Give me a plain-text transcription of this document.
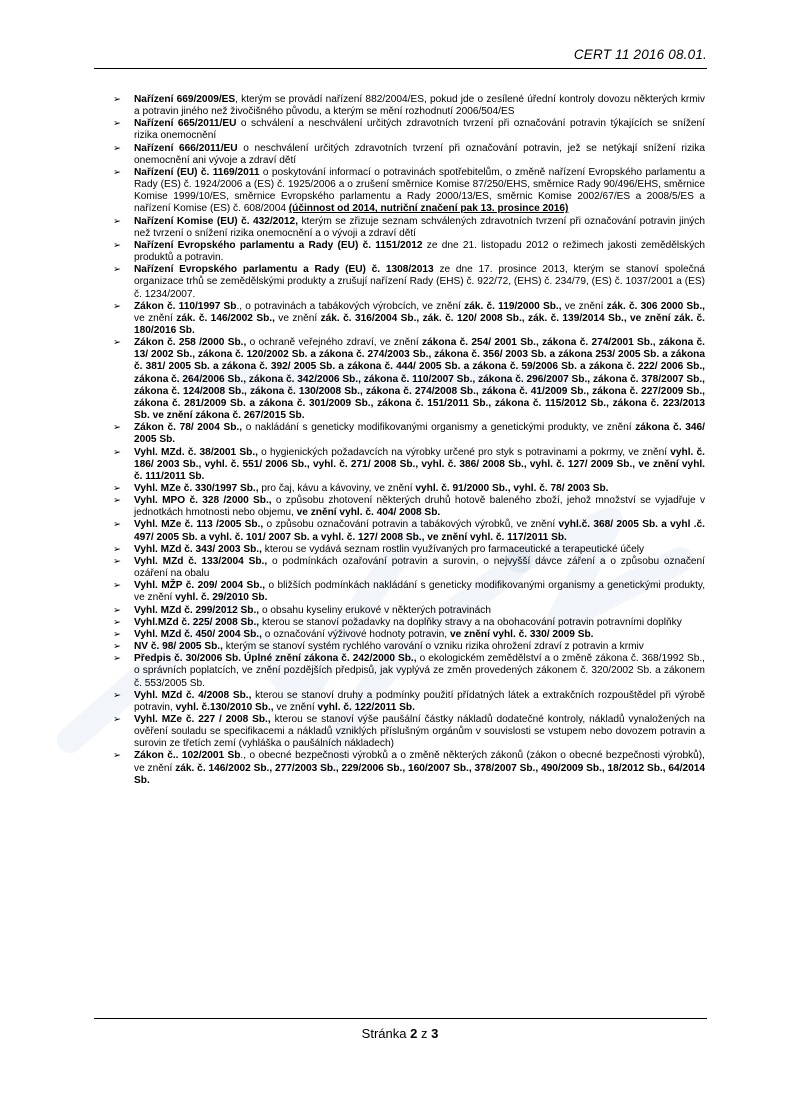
CERT 11 2016 08.01.
➢ Nařízení 669/2009/ES, kterým se provádí nařízení 882/2004/ES, pokud jde o zesílené úřední kontroly dovozu některých krmiv a potravin jiného než živočišného původu, a kterým se mění rozhodnutí 2006/504/ES
➢ Nařízení 665/2011/EU o schválení a neschválení určitých zdravotních tvrzení při označování potravin týkajících se snížení rizika onemocnění
➢ Nařízení 666/2011/EU o neschválení určitých zdravotních tvrzení při označování potravin, jež se netýkají snížení rizika onemocnění ani vývoje a zdraví dětí
➢ Nařízení (EU) č. 1169/2011 o poskytování informací o potravinách spotřebitelům, o změně nařízení Evropského parlamentu a Rady (ES) č. 1924/2006 a (ES) č. 1925/2006 a o zrušení směrnice Komise 87/250/EHS, směrnice Rady 90/496/EHS, směrnice Komise 1999/10/ES, směrnice Evropského parlamentu a Rady 2000/13/ES, směrnic Komise 2002/67/ES a 2008/5/ES a nařízení Komise (ES) č. 608/2004 (účinnost od 2014, nutriční značení pak 13. prosince 2016)
➢ Nařízení Komise (EU) č. 432/2012, kterým se zřizuje seznam schválených zdravotních tvrzení při označování potravin jiných než tvrzení o snížení rizika onemocnění a o vývoji a zdraví dětí
➢ Nařízení Evropského parlamentu a Rady (EU) č. 1151/2012 ze dne 21. listopadu 2012 o režimech jakosti zemědělských produktů a potravin.
➢ Nařízení Evropského parlamentu a Rady (EU) č. 1308/2013 ze dne 17. prosince 2013, kterým se stanoví společná organizace trhů se zemědělskými produkty a zrušují nařízení Rady (EHS) č. 922/72, (EHS) č. 234/79, (ES) č. 1037/2001 a (ES) č. 1234/2007.
➢ Zákon č. 110/1997 Sb., o potravinách a tabákových výrobcích, ve znění zák. č. 119/2000 Sb., ve znění zák. č. 306 2000 Sb., ve znění zák. č. 146/2002 Sb., ve znění zák. č. 316/2004 Sb., zák. č. 120/ 2008 Sb., zák. č. 139/2014 Sb., ve znění zák. č. 180/2016 Sb.
➢ Zákon č. 258 /2000 Sb., o ochraně veřejného zdraví, ve znění zákona č. 254/ 2001 Sb., zákona č. 274/2001 Sb., zákona č. 13/ 2002 Sb., zákona č. 120/2002 Sb. a zákona č. 274/2003 Sb., zákona č. 356/ 2003 Sb. a zákona 253/ 2005 Sb. a zákona č. 381/ 2005 Sb. a zákona č. 392/ 2005 Sb. a zákona č. 444/ 2005 Sb. a zákona č. 59/2006 Sb. a zákona č. 222/ 2006 Sb., zákona č. 264/2006 Sb., zákona č. 342/2006 Sb., zákona č. 110/2007 Sb., zákona č. 296/2007 Sb., zákona č. 378/2007 Sb., zákona č. 124/2008 Sb., zákona č. 130/2008 Sb., zákona č. 274/2008 Sb., zákona č. 41/2009 Sb., zákona č. 227/2009 Sb., zákona č. 281/2009 Sb. a zákona č. 301/2009 Sb., zákona č. 151/2011 Sb., zákona č. 115/2012 Sb., zákona č. 223/2013 Sb. ve znění zákona č. 267/2015 Sb.
➢ Zákon č. 78/ 2004 Sb., o nakládání s geneticky modifikovanými organismy a genetickými produkty, ve znění zákona č. 346/ 2005 Sb.
➢ Vyhl. MZd. č. 38/2001 Sb., o hygienických požadavcích na výrobky určené pro styk s potravinami a pokrmy, ve znění vyhl. č. 186/ 2003 Sb., vyhl. č. 551/ 2006 Sb., vyhl. č. 271/ 2008 Sb., vyhl. č. 386/ 2008 Sb., vyhl. č. 127/ 2009 Sb., ve znění vyhl. č. 111/2011 Sb.
➢ Vyhl. MZe č. 330/1997 Sb., pro čaj, kávu a kávoviny, ve znění vyhl. č. 91/2000 Sb., vyhl. č. 78/ 2003 Sb.
➢ Vyhl. MPO č. 328 /2000 Sb., o způsobu zhotovení některých druhů hotově baleného zboží, jehož množství se vyjadřuje v jednotkách hmotnosti nebo objemu, ve znění vyhl. č. 404/ 2008 Sb.
➢ Vyhl. MZe č. 113 /2005 Sb., o způsobu označování potravin a tabákových výrobků, ve znění vyhl.č. 368/ 2005 Sb. a vyhl .č. 497/ 2005 Sb. a vyhl. č. 101/ 2007 Sb. a vyhl. č. 127/ 2008 Sb., ve znění vyhl. č. 117/2011 Sb.
➢ Vyhl. MZd č. 343/ 2003 Sb., kterou se vydává seznam rostlin využívaných pro farmaceutické a terapeutické účely
➢ Vyhl. MZd č. 133/2004 Sb., o podmínkách ozařování potravin a surovin, o nejvyšší dávce záření a o způsobu označení ozáření na obalu
➢ Vyhl. MŽP č. 209/ 2004 Sb., o bližších podmínkách nakládání s geneticky modifikovanými organismy a genetickými produkty, ve znění vyhl. č. 29/2010 Sb.
➢ Vyhl. MZd č. 299/2012 Sb., o obsahu kyseliny erukové v některých potravinách
➢ Vyhl.MZd č. 225/ 2008 Sb., kterou se stanoví požadavky na doplňky stravy a na obohacování potravin potravními doplňky
➢ Vyhl. MZd č. 450/ 2004 Sb., o označování výživové hodnoty potravin, ve znění vyhl. č. 330/ 2009 Sb.
➢ NV č. 98/ 2005 Sb., kterým se stanoví systém rychlého varování o vzniku rizika ohrožení zdraví z potravin a krmiv
➢ Předpis č. 30/2006 Sb. Úplné znění zákona č. 242/2000 Sb., o ekologickém zemědělství a o změně zákona č. 368/1992 Sb., o správních poplatcích, ve znění pozdějších předpisů, jak vyplývá ze změn provedených zákonem č. 320/2002 Sb. a zákonem č. 553/2005 Sb.
➢ Vyhl. MZd č. 4/2008 Sb., kterou se stanoví druhy a podmínky použití přídatných látek a extrakčních rozpouštědel při výrobě potravin, vyhl. č.130/2010 Sb., ve znění vyhl. č. 122/2011 Sb.
➢ Vyhl. MZe č. 227 / 2008 Sb., kterou se stanoví výše paušální částky nákladů dodatečné kontroly, nákladů vynaložených na ověření souladu se specifikacemi a nákladů vzniklých příslušným orgánům v souvislosti se vstupem nebo dovozem potravin a surovin ze třetích zemí (vyhláška o paušálních nákladech)
➢ Zákon č.. 102/2001 Sb., o obecné bezpečnosti výrobků a o změně některých zákonů (zákon o obecné bezpečnosti výrobků), ve znění zák. č. 146/2002 Sb., 277/2003 Sb., 229/2006 Sb., 160/2007 Sb., 378/2007 Sb., 490/2009 Sb., 18/2012 Sb., 64/2014 Sb.
Stránka 2 z 3
